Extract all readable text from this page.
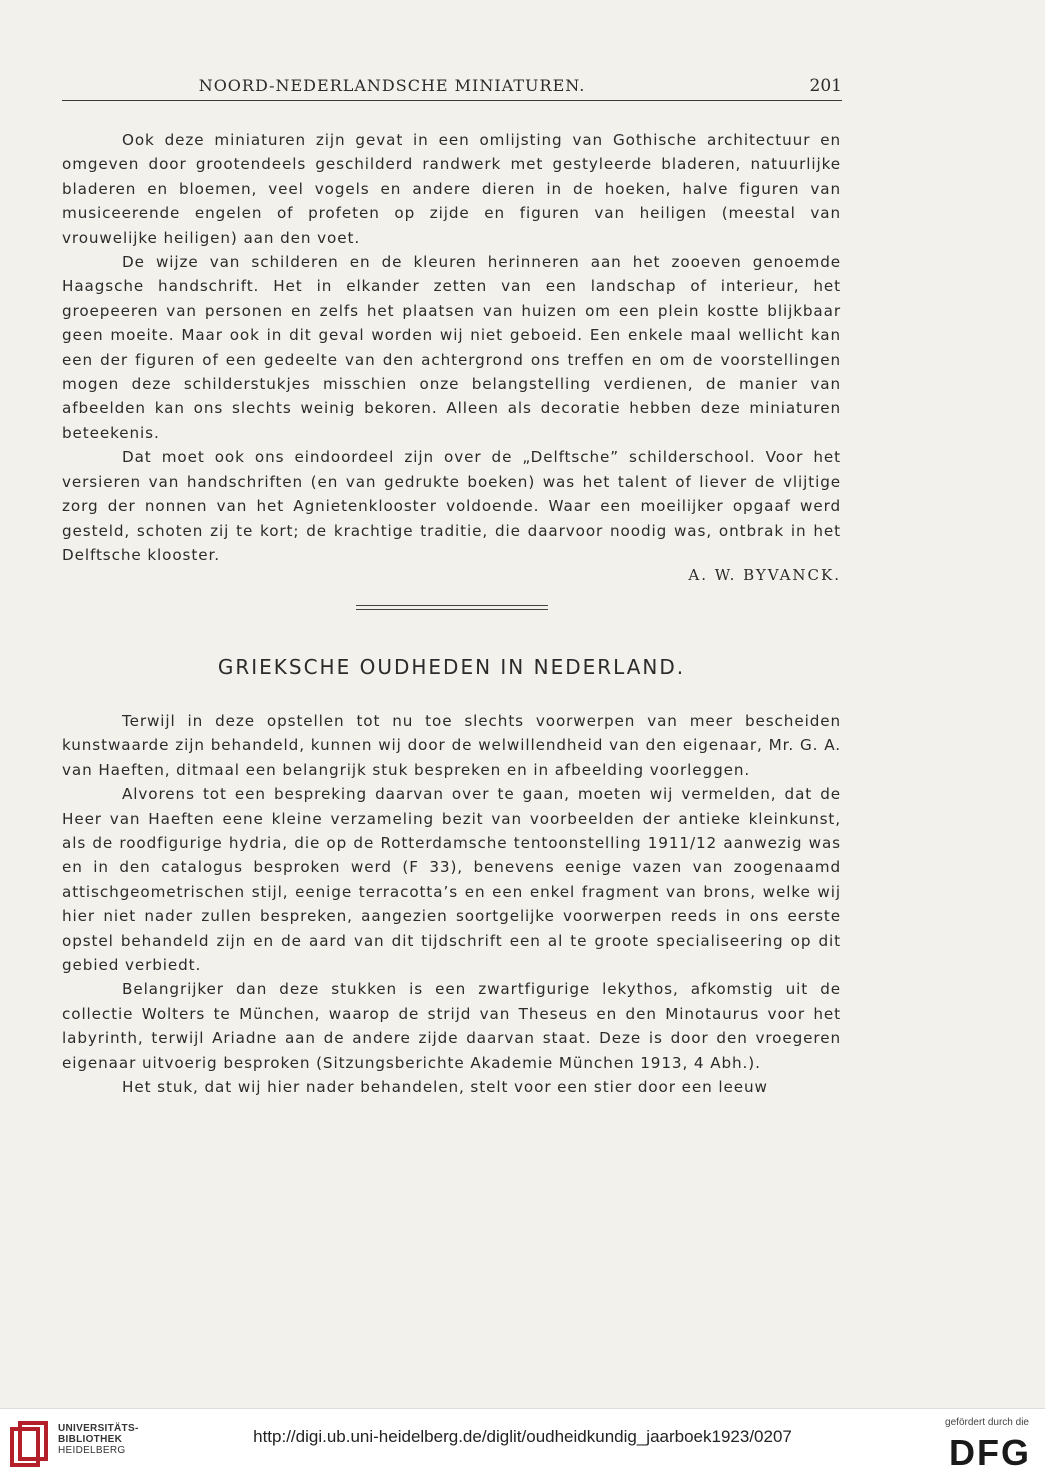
NOORD-NEDERLANDSCHE MINIATUREN.	201

Ook deze miniaturen zijn gevat in een omlijsting van Gothische architectuur en omgeven door grootendeels geschilderd randwerk met gestyleerde bladeren, natuurlijke bladeren en bloemen, veel vogels en andere dieren in de hoeken, halve figuren van musiceerende engelen of profeten op zijde en figuren van heiligen (meestal van vrouwelijke heiligen) aan den voet.

De wijze van schilderen en de kleuren herinneren aan het zooeven genoemde Haagsche handschrift. Het in elkander zetten van een landschap of interieur, het groepeeren van personen en zelfs het plaatsen van huizen om een plein kostte blijkbaar geen moeite. Maar ook in dit geval worden wij niet geboeid. Een enkele maal wellicht kan een der figuren of een gedeelte van den achtergrond ons treffen en om de voorstellingen mogen deze schilderstukjes misschien onze belangstelling verdienen, de manier van afbeelden kan ons slechts weinig bekoren. Alleen als decoratie hebben deze miniaturen beteekenis.

Dat moet ook ons eindoordeel zijn over de „Delftsche” schilderschool. Voor het versieren van handschriften (en van gedrukte boeken) was het talent of liever de vlijtige zorg der nonnen van het Agnietenklooster voldoende. Waar een moeilijker opgaaf werd gesteld, schoten zij te kort; de krachtige traditie, die daarvoor noodig was, ontbrak in het Delftsche klooster.

A. W. BYVANCK.
GRIEKSCHE OUDHEDEN IN NEDERLAND.

Terwijl in deze opstellen tot nu toe slechts voorwerpen van meer bescheiden kunstwaarde zijn behandeld, kunnen wij door de welwillendheid van den eigenaar, Mr. G. A. van Haeften, ditmaal een belangrijk stuk bespreken en in afbeelding voorleggen.

Alvorens tot een bespreking daarvan over te gaan, moeten wij vermelden, dat de Heer van Haeften eene kleine verzameling bezit van voorbeelden der antieke kleinkunst, als de roodfigurige hydria, die op de Rotterdamsche tentoonstelling 1911/12 aanwezig was en in den catalogus besproken werd (F 33), benevens eenige vazen van zoogenaamd attischgeometrischen stijl, eenige terracotta’s en een enkel fragment van brons, welke wij hier niet nader zullen bespreken, aangezien soortgelijke voorwerpen reeds in ons eerste opstel behandeld zijn en de aard van dit tijdschrift een al te groote specialiseering op dit gebied verbiedt.

Belangrijker dan deze stukken is een zwartfigurige lekythos, afkomstig uit de collectie Wolters te München, waarop de strijd van Theseus en den Minotaurus voor het labyrinth, terwijl Ariadne aan de andere zijde daarvan staat. Deze is door den vroegeren eigenaar uitvoerig besproken (Sitzungsberichte Akademie München 1913, 4 Abh.).

Het stuk, dat wij hier nader behandelen, stelt voor een stier door een leeuw

UNIVERSITÄTS-
BIBLIOTHEK
HEIDELBERG
http://digi.ub.uni-heidelberg.de/diglit/oudheidkundig_jaarboek1923/0207
gefördert durch die
DFG
